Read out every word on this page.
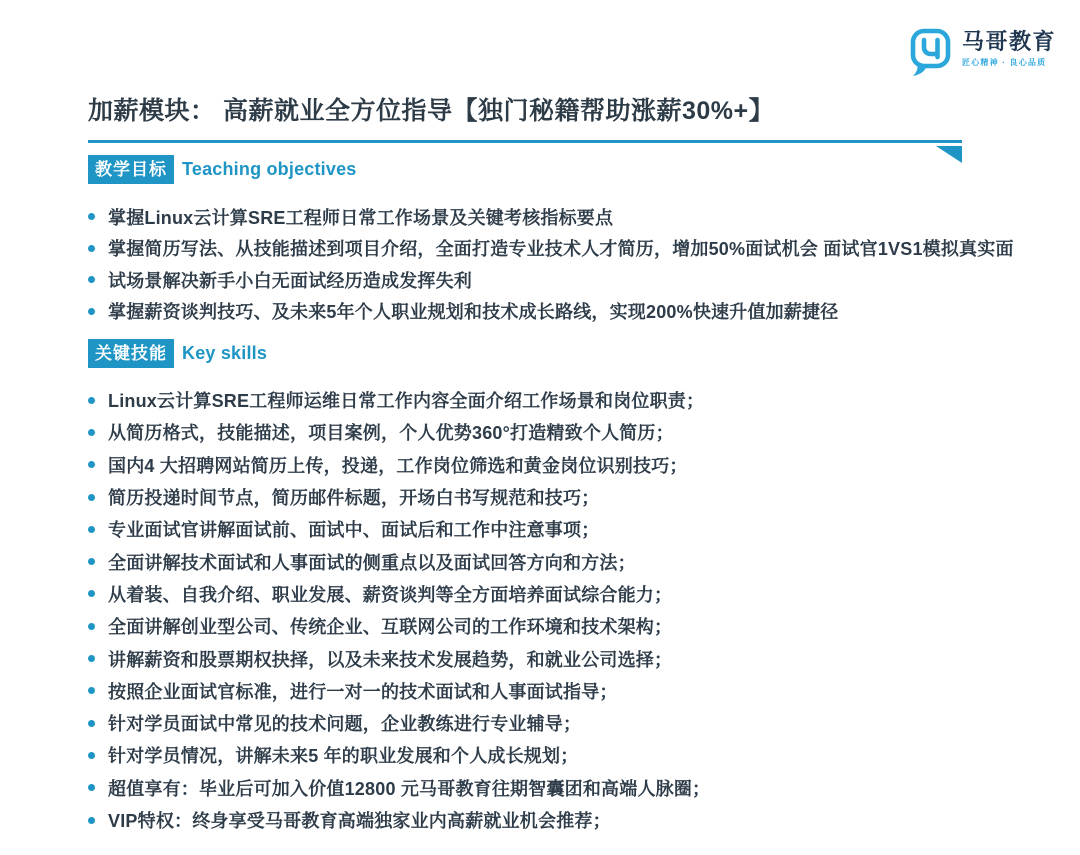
马哥教育
匠心精神 · 良心品质
加薪模块： 高薪就业全方位指导【独门秘籍帮助涨薪30%+】
教学目标 Teaching objectives
掌握Linux云计算SRE工程师日常工作场景及关键考核指标要点
掌握简历写法、从技能描述到项目介绍，全面打造专业技术人才简历，增加50%面试机会 面试官1VS1模拟真实面
试场景解决新手小白无面试经历造成发挥失利
掌握薪资谈判技巧、及未来5年个人职业规划和技术成长路线，实现200%快速升值加薪捷径
关键技能 Key skills
Linux云计算SRE工程师运维日常工作内容全面介绍工作场景和岗位职责；
从简历格式，技能描述，项目案例，个人优势360°打造精致个人简历；
国内4 大招聘网站简历上传，投递，工作岗位筛选和黄金岗位识别技巧；
简历投递时间节点，简历邮件标题，开场白书写规范和技巧；
专业面试官讲解面试前、面试中、面试后和工作中注意事项；
全面讲解技术面试和人事面试的侧重点以及面试回答方向和方法；
从着装、自我介绍、职业发展、薪资谈判等全方面培养面试综合能力；
全面讲解创业型公司、传统企业、互联网公司的工作环境和技术架构；
讲解薪资和股票期权抉择，以及未来技术发展趋势，和就业公司选择；
按照企业面试官标准，进行一对一的技术面试和人事面试指导；
针对学员面试中常见的技术问题，企业教练进行专业辅导；
针对学员情况，讲解未来5 年的职业发展和个人成长规划；
超值享有：毕业后可加入价值12800 元马哥教育往期智囊团和高端人脉圈；
VIP特权：终身享受马哥教育高端独家业内高薪就业机会推荐；
